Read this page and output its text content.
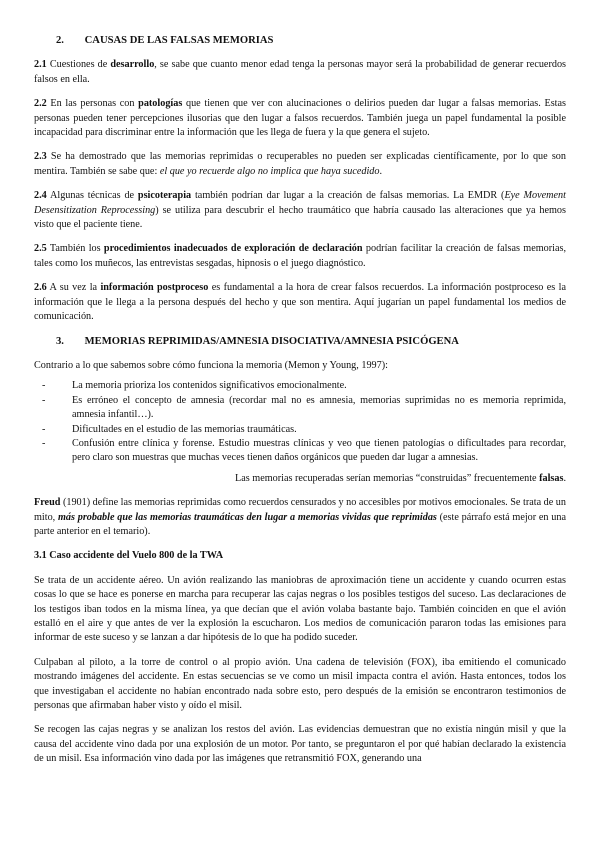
2. CAUSAS DE LAS FALSAS MEMORIAS

2.1 Cuestiones de desarrollo, se sabe que cuanto menor edad tenga la personas mayor será la probabilidad de generar recuerdos falsos en ella.

2.2 En las personas con patologías que tienen que ver con alucinaciones o delirios pueden dar lugar a falsas memorias. Estas personas pueden tener percepciones ilusorias que den lugar a falsos recuerdos. También juega un papel fundamental la posible incapacidad para discriminar entre la información que les llega de fuera y la que genera el sujeto.

2.3 Se ha demostrado que las memorias reprimidas o recuperables no pueden ser explicadas científicamente, por lo que son mentira. También se sabe que: el que yo recuerde algo no implica que haya sucedido.

2.4 Algunas técnicas de psicoterapia también podrían dar lugar a la creación de falsas memorias. La EMDR (Eye Movement Desensitization Reprocessing) se utiliza para descubrir el hecho traumático que habría causado las alteraciones que ya hemos visto que el paciente tiene.

2.5 También los procedimientos inadecuados de exploración de declaración podrían facilitar la creación de falsas memorias, tales como los muñecos, las entrevistas sesgadas, hipnosis o el juego diagnóstico.

2.6 A su vez la información postproceso es fundamental a la hora de crear falsos recuerdos. La información postproceso es la información que le llega a la persona después del hecho y que son mentira. Aquí jugarían un papel fundamental los medios de comunicación.

3. MEMORIAS REPRIMIDAS/AMNESIA DISOCIATIVA/AMNESIA PSICÓGENA

Contrario a lo que sabemos sobre cómo funciona la memoria (Memon y Young, 1997):

- La memoria prioriza los contenidos significativos emocionalmente.
- Es erróneo el concepto de amnesia (recordar mal no es amnesia, memorias suprimidas no es memoria reprimida, amnesia infantil…).
- Dificultades en el estudio de las memorias traumáticas.
- Confusión entre clínica y forense. Estudio muestras clínicas y veo que tienen patologías o dificultades para recordar, pero claro son muestras que muchas veces tienen daños orgánicos que pueden dar lugar a amnesias.

Las memorias recuperadas serían memorias “construidas” frecuentemente falsas.

Freud (1901) define las memorias reprimidas como recuerdos censurados y no accesibles por motivos emocionales. Se trata de un mito, más probable que las memorias traumáticas den lugar a memorias vividas que reprimidas (este párrafo está mejor en una parte anterior en el temario).

3.1 Caso accidente del Vuelo 800 de la TWA

Se trata de un accidente aéreo. Un avión realizando las maniobras de aproximación tiene un accidente y cuando ocurren estas cosas lo que se hace es ponerse en marcha para recuperar las cajas negras o los posibles testigos del suceso. Las declaraciones de los testigos iban todos en la misma línea, ya que decían que el avión volaba bastante bajo. También coinciden en que el avión estalló en el aire y que antes de ver la explosión la escucharon. Los medios de comunicación pararon todas las emisiones para informar de este suceso y se lanzan a dar hipótesis de lo que ha podido suceder.

Culpaban al piloto, a la torre de control o al propio avión. Una cadena de televisión (FOX), iba emitiendo el comunicado mostrando imágenes del accidente. En estas secuencias se ve como un misil impacta contra el avión. Hasta entonces, todos los que investigaban el accidente no habían encontrado nada sobre esto, pero después de la emisión se encontraron testimonios de personas que afirmaban haber visto y oído el misil.

Se recogen las cajas negras y se analizan los restos del avión. Las evidencias demuestran que no existía ningún misil y que la causa del accidente vino dada por una explosión de un motor. Por tanto, se preguntaron el por qué habían declarado la existencia de un misil. Esa información vino dada por las imágenes que retransmitió FOX, generando una
